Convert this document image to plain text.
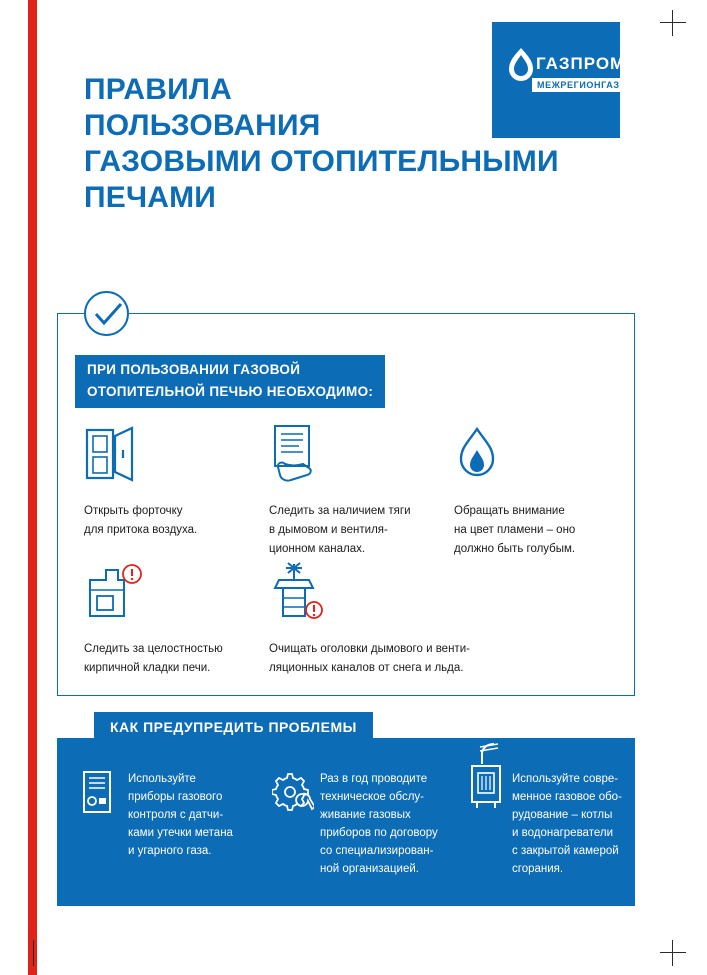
ПРАВИЛА
ПОЛЬЗОВАНИЯ
ГАЗОВЫМИ ОТОПИТЕЛЬНЫМИ
ПЕЧАМИ
ГАЗПРОМ
МЕЖРЕГИОНГАЗ
ПРИ ПОЛЬЗОВАНИИ ГАЗОВОЙ
ОТОПИТЕЛЬНОЙ ПЕЧЬЮ НЕОБХОДИМО:
Открыть форточку
для притока воздуха.
Следить за наличием тяги
в дымовом и вентиля-
ционном каналах.
Обращать внимание
на цвет пламени – оно
должно быть голубым.
Следить за целостностью
кирпичной кладки печи.
Очищать оголовки дымового и венти-
ляционных каналов от снега и льда.
КАК ПРЕДУПРЕДИТЬ ПРОБЛЕМЫ
Используйте
приборы газового
контроля с датчи-
ками утечки метана
и угарного газа.
Раз в год проводите
техническое обслу-
живание газовых
приборов по договору
со специализирован-
ной организацией.
Используйте совре-
менное газовое обо-
рудование – котлы
и водонагреватели
с закрытой камерой
сгорания.
